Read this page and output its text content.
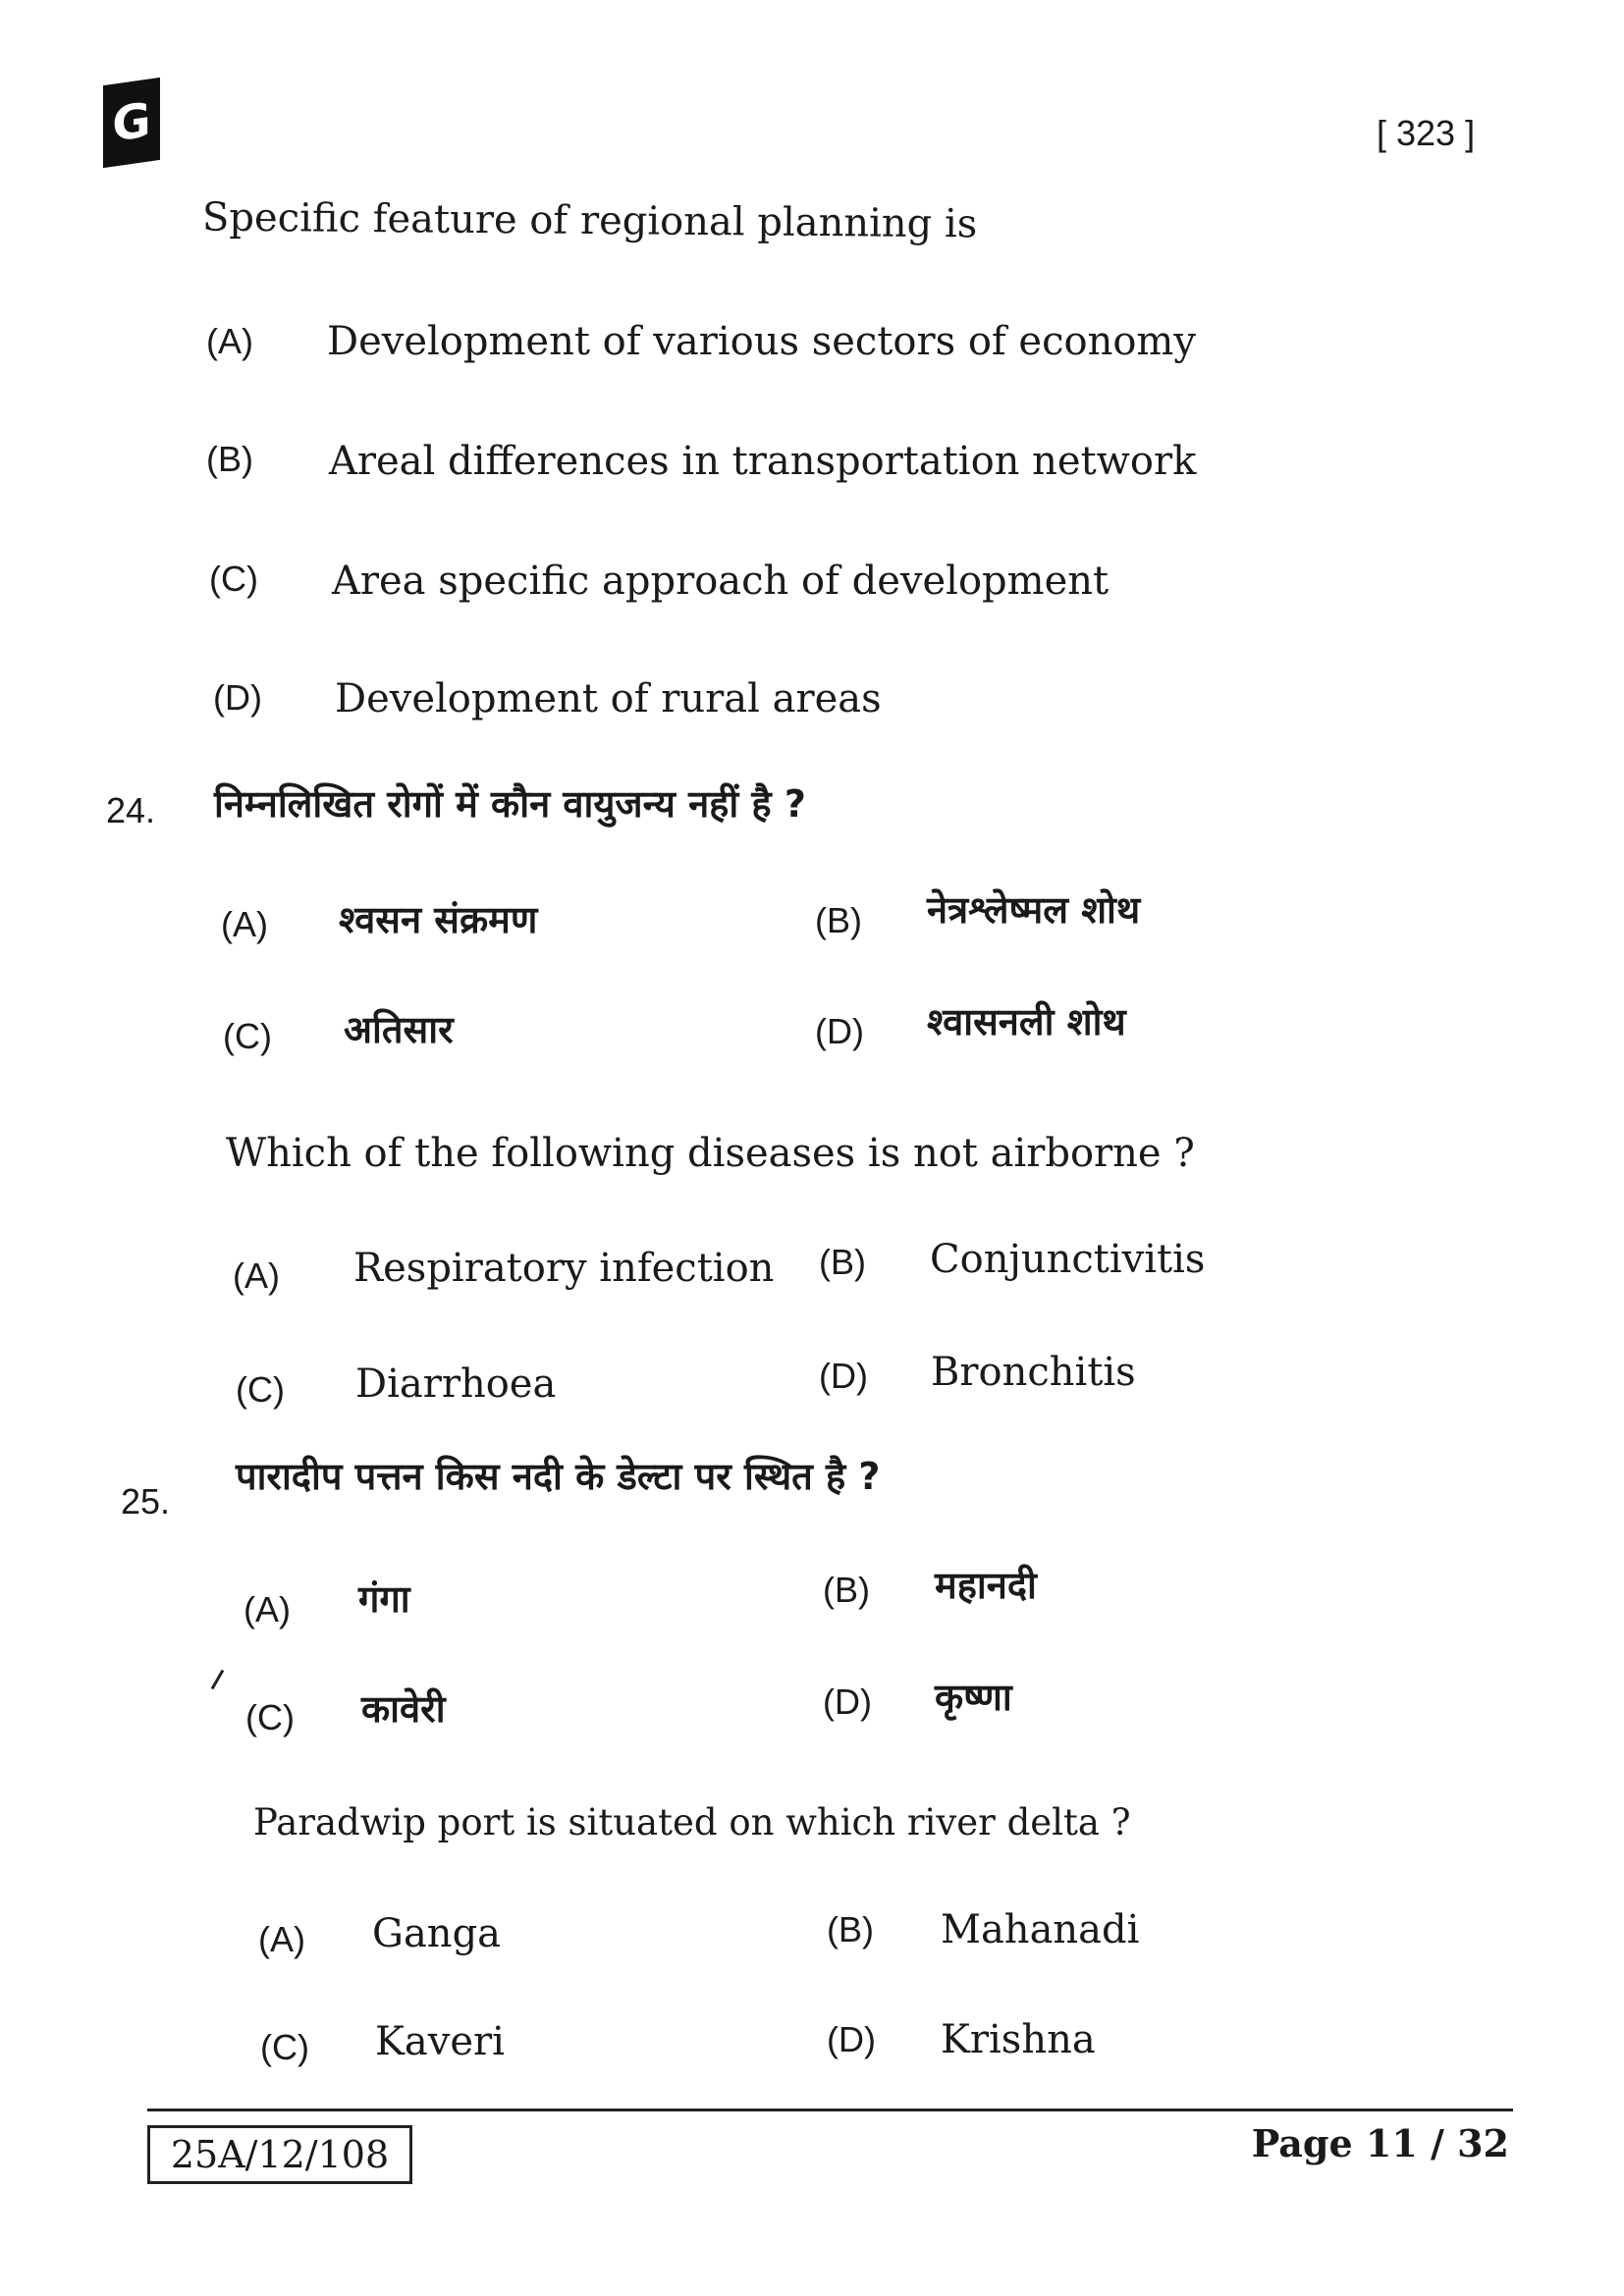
G	[ 323 ]
Specific feature of regional planning is
(A) Development of various sectors of economy
(B) Areal differences in transportation network
(C) Area specific approach of development
(D) Development of rural areas
24. निम्नलिखित रोगों में कौन वायुजन्य नहीं है ?
(A) श्वसन संक्रमण	(B) नेत्रश्लेष्मल शोथ
(C) अतिसार	(D) श्वासनली शोथ
Which of the following diseases is not airborne ?
(A) Respiratory infection (B) Conjunctivitis
(C) Diarrhoea	(D) Bronchitis
25.
पारादीप पत्तन किस नदी के डेल्टा पर स्थित है ?
(A) गंगा	(B) महानदी
(C) कावेरी	(D) कृष्णा
Paradwip port is situated on which river delta ?
(A) Ganga	(B) Mahanadi
(C) Kaveri	(D) Krishna
25A/12/108	Page 11 / 32
